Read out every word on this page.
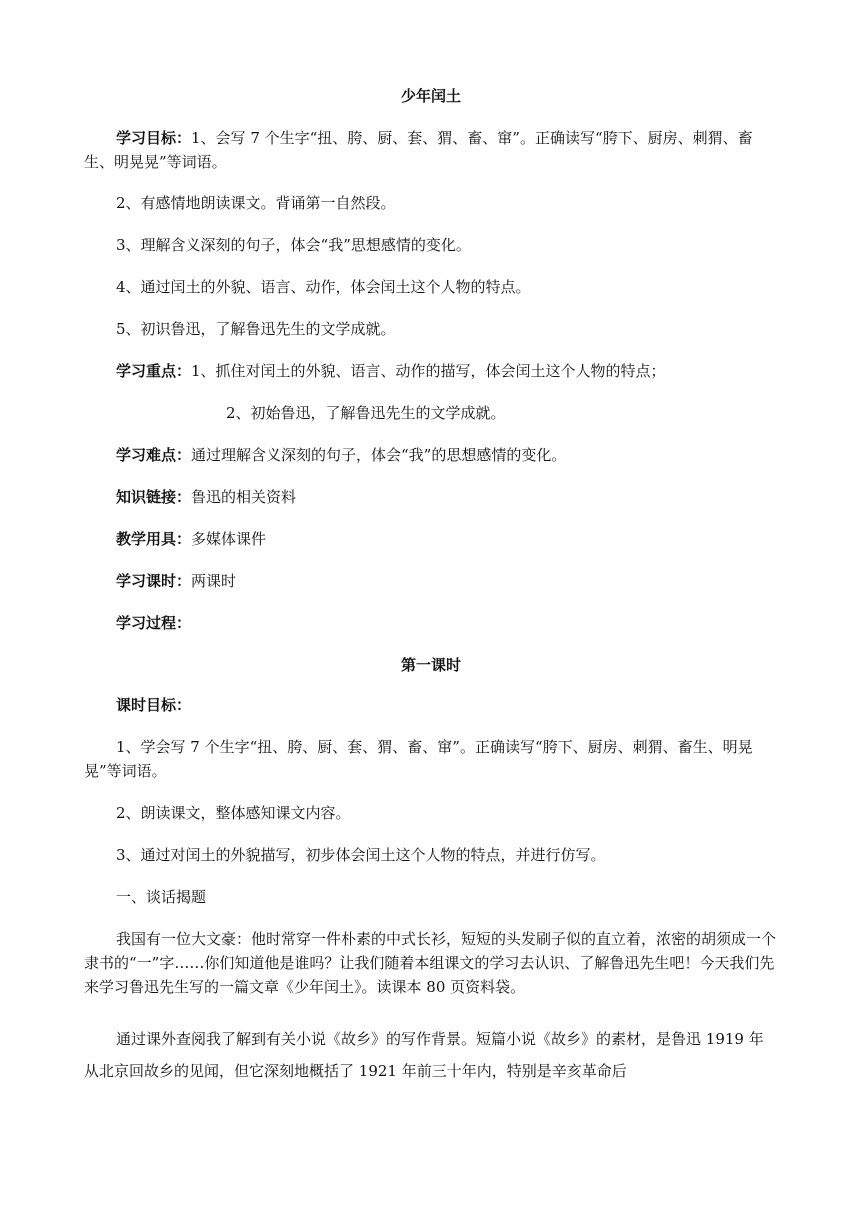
少年闰土

学习目标：1、会写 7 个生字“扭、胯、厨、套、猬、畜、窜”。正确读写“胯下、厨房、刺猬、畜生、明晃晃”等词语。

2、有感情地朗读课文。背诵第一自然段。

3、理解含义深刻的句子，体会“我”思想感情的变化。

4、通过闰土的外貌、语言、动作，体会闰土这个人物的特点。

5、初识鲁迅，了解鲁迅先生的文学成就。

学习重点：1、抓住对闰土的外貌、语言、动作的描写，体会闰土这个人物的特点；

2、初始鲁迅，了解鲁迅先生的文学成就。

学习难点：通过理解含义深刻的句子，体会“我”的思想感情的变化。

知识链接：鲁迅的相关资料

教学用具：多媒体课件

学习课时：两课时

学习过程：

第一课时

课时目标：

1、学会写 7 个生字“扭、胯、厨、套、猬、畜、窜”。正确读写“胯下、厨房、刺猬、畜生、明晃晃”等词语。

2、朗读课文，整体感知课文内容。

3、通过对闰土的外貌描写，初步体会闰土这个人物的特点，并进行仿写。

一、谈话揭题

我国有一位大文豪：他时常穿一件朴素的中式长衫，短短的头发刷子似的直立着，浓密的胡须成一个隶书的“一”字……你们知道他是谁吗？让我们随着本组课文的学习去认识、了解鲁迅先生吧！今天我们先来学习鲁迅先生写的一篇文章《少年闰土》。读课本 80 页资料袋。

通过课外查阅我了解到有关小说《故乡》的写作背景。短篇小说《故乡》的素材，是鲁迅 1919 年从北京回故乡的见闻，但它深刻地概括了 1921 年前三十年内，特别是辛亥革命后
